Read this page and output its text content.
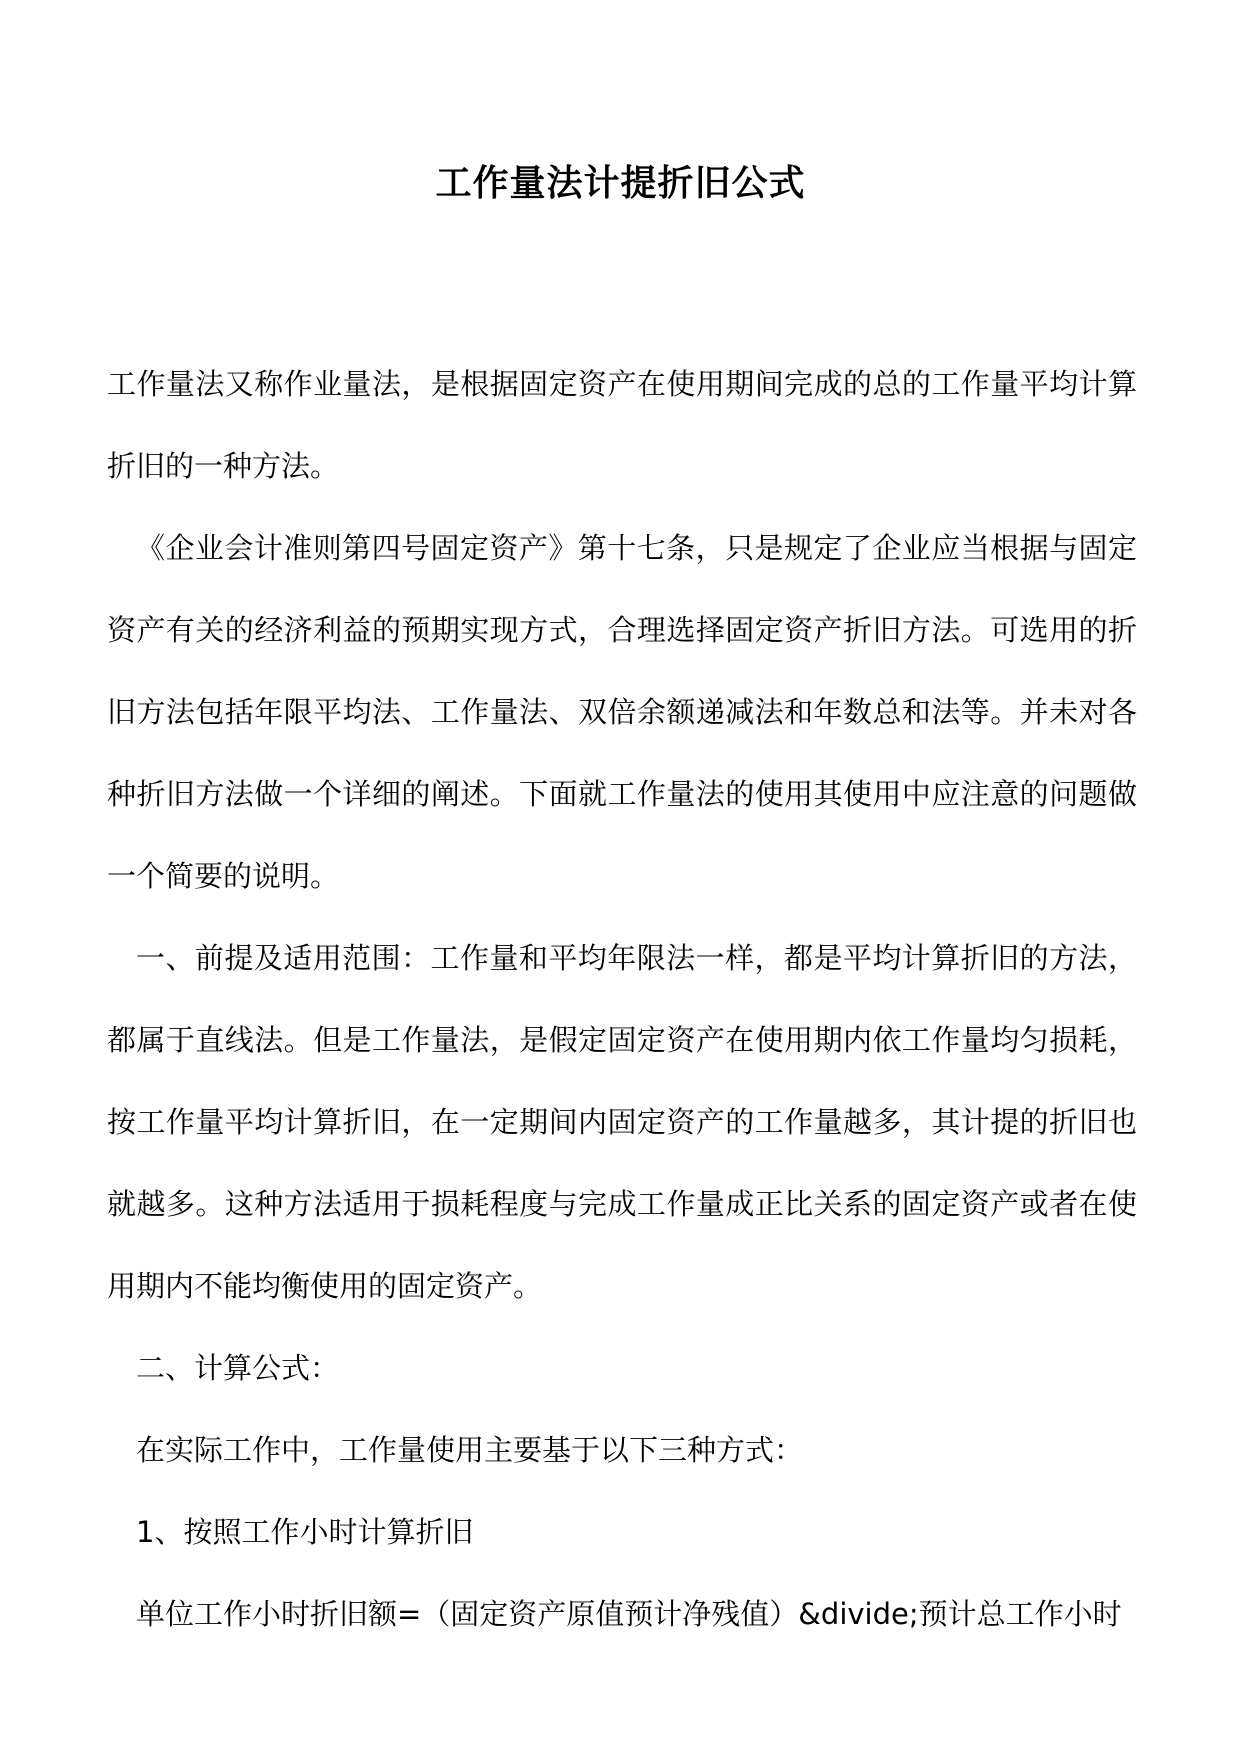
工作量法计提折旧公式

工作量法又称作业量法，是根据固定资产在使用期间完成的总的工作量平均计算折旧的一种方法。

《企业会计准则第四号固定资产》第十七条，只是规定了企业应当根据与固定资产有关的经济利益的预期实现方式，合理选择固定资产折旧方法。可选用的折旧方法包括年限平均法、工作量法、双倍余额递减法和年数总和法等。并未对各种折旧方法做一个详细的阐述。下面就工作量法的使用其使用中应注意的问题做一个简要的说明。

一、前提及适用范围：工作量和平均年限法一样，都是平均计算折旧的方法，都属于直线法。但是工作量法，是假定固定资产在使用期内依工作量均匀损耗，按工作量平均计算折旧，在一定期间内固定资产的工作量越多，其计提的折旧也就越多。这种方法适用于损耗程度与完成工作量成正比关系的固定资产或者在使用期内不能均衡使用的固定资产。

二、计算公式：

在实际工作中，工作量使用主要基于以下三种方式：

1、按照工作小时计算折旧

单位工作小时折旧额=（固定资产原值预计净残值）&divide;预计总工作小时
